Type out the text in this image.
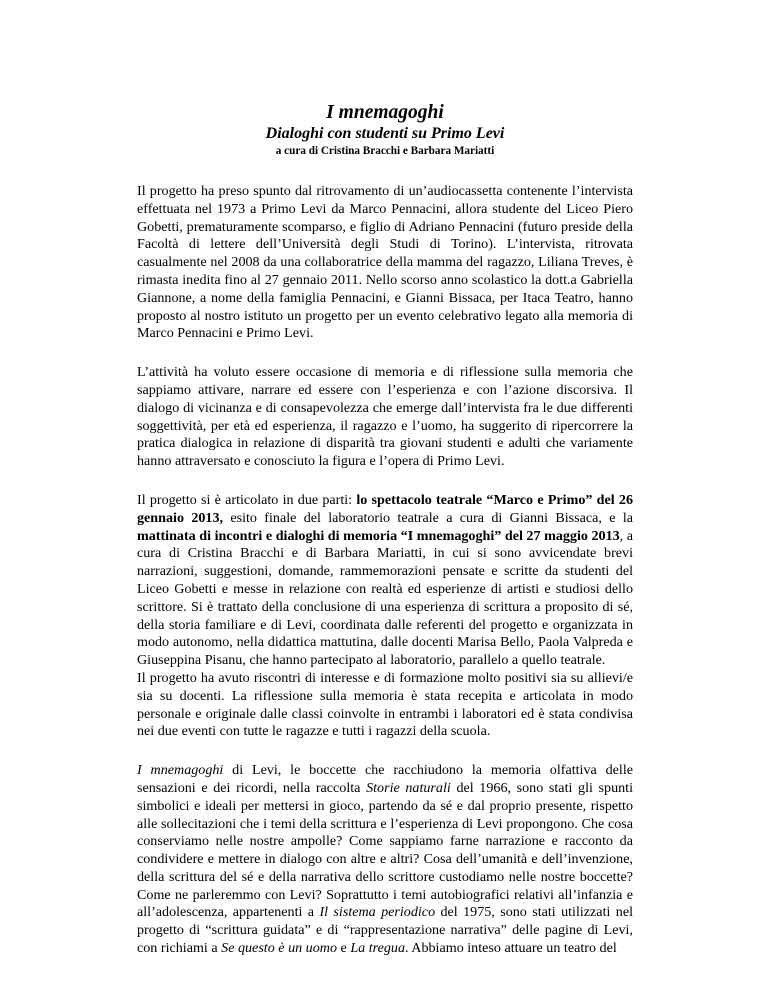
I mnemagoghi
Dialoghi con studenti su Primo Levi
a cura di Cristina Bracchi e Barbara Mariatti

Il progetto ha preso spunto dal ritrovamento di un’audiocassetta contenente l’intervista effettuata nel 1973 a Primo Levi da Marco Pennacini, allora studente del Liceo Piero Gobetti, prematuramente scomparso, e figlio di Adriano Pennacini (futuro preside della Facoltà di lettere dell’Università degli Studi di Torino). L’intervista, ritrovata casualmente nel 2008 da una collaboratrice della mamma del ragazzo, Liliana Treves, è rimasta inedita fino al 27 gennaio 2011. Nello scorso anno scolastico la dott.a Gabriella Giannone, a nome della famiglia Pennacini, e Gianni Bissaca, per Itaca Teatro, hanno proposto al nostro istituto un progetto per un evento celebrativo legato alla memoria di Marco Pennacini e Primo Levi.

L’attività ha voluto essere occasione di memoria e di riflessione sulla memoria che sappiamo attivare, narrare ed essere con l’esperienza e con l’azione discorsiva. Il dialogo di vicinanza e di consapevolezza che emerge dall’intervista fra le due differenti soggettività, per età ed esperienza, il ragazzo e l’uomo, ha suggerito di ripercorrere la pratica dialogica in relazione di disparità tra giovani studenti e adulti che variamente hanno attraversato e conosciuto la figura e l’opera di Primo Levi.

Il progetto si è articolato in due parti: lo spettacolo teatrale “Marco e Primo” del 26 gennaio 2013, esito finale del laboratorio teatrale a cura di Gianni Bissaca, e la mattinata di incontri e dialoghi di memoria “I mnemagoghi” del 27 maggio 2013, a cura di Cristina Bracchi e di Barbara Mariatti, in cui si sono avvicendate brevi narrazioni, suggestioni, domande, rammemorazioni pensate e scritte da studenti del Liceo Gobetti e messe in relazione con realtà ed esperienze di artisti e studiosi dello scrittore. Si è trattato della conclusione di una esperienza di scrittura a proposito di sé, della storia familiare e di Levi, coordinata dalle referenti del progetto e organizzata in modo autonomo, nella didattica mattutina, dalle docenti Marisa Bello, Paola Valpreda e Giuseppina Pisanu, che hanno partecipato al laboratorio, parallelo a quello teatrale.

Il progetto ha avuto riscontri di interesse e di formazione molto positivi sia su allievi/e sia su docenti. La riflessione sulla memoria è stata recepita e articolata in modo personale e originale dalle classi coinvolte in entrambi i laboratori ed è stata condivisa nei due eventi con tutte le ragazze e tutti i ragazzi della scuola.

I mnemagoghi di Levi, le boccette che racchiudono la memoria olfattiva delle sensazioni e dei ricordi, nella raccolta Storie naturali del 1966, sono stati gli spunti simbolici e ideali per mettersi in gioco, partendo da sé e dal proprio presente, rispetto alle sollecitazioni che i temi della scrittura e l’esperienza di Levi propongono. Che cosa conserviamo nelle nostre ampolle? Come sappiamo farne narrazione e racconto da condividere e mettere in dialogo con altre e altri? Cosa dell’umanità e dell’invenzione, della scrittura del sé e della narrativa dello scrittore custodiamo nelle nostre boccette? Come ne parleremmo con Levi? Soprattutto i temi autobiografici relativi all’infanzia e all’adolescenza, appartenenti a Il sistema periodico del 1975, sono stati utilizzati nel progetto di “scrittura guidata” e di “rappresentazione narrativa” delle pagine di Levi, con richiami a Se questo è un uomo e La tregua. Abbiamo inteso attuare un teatro del
